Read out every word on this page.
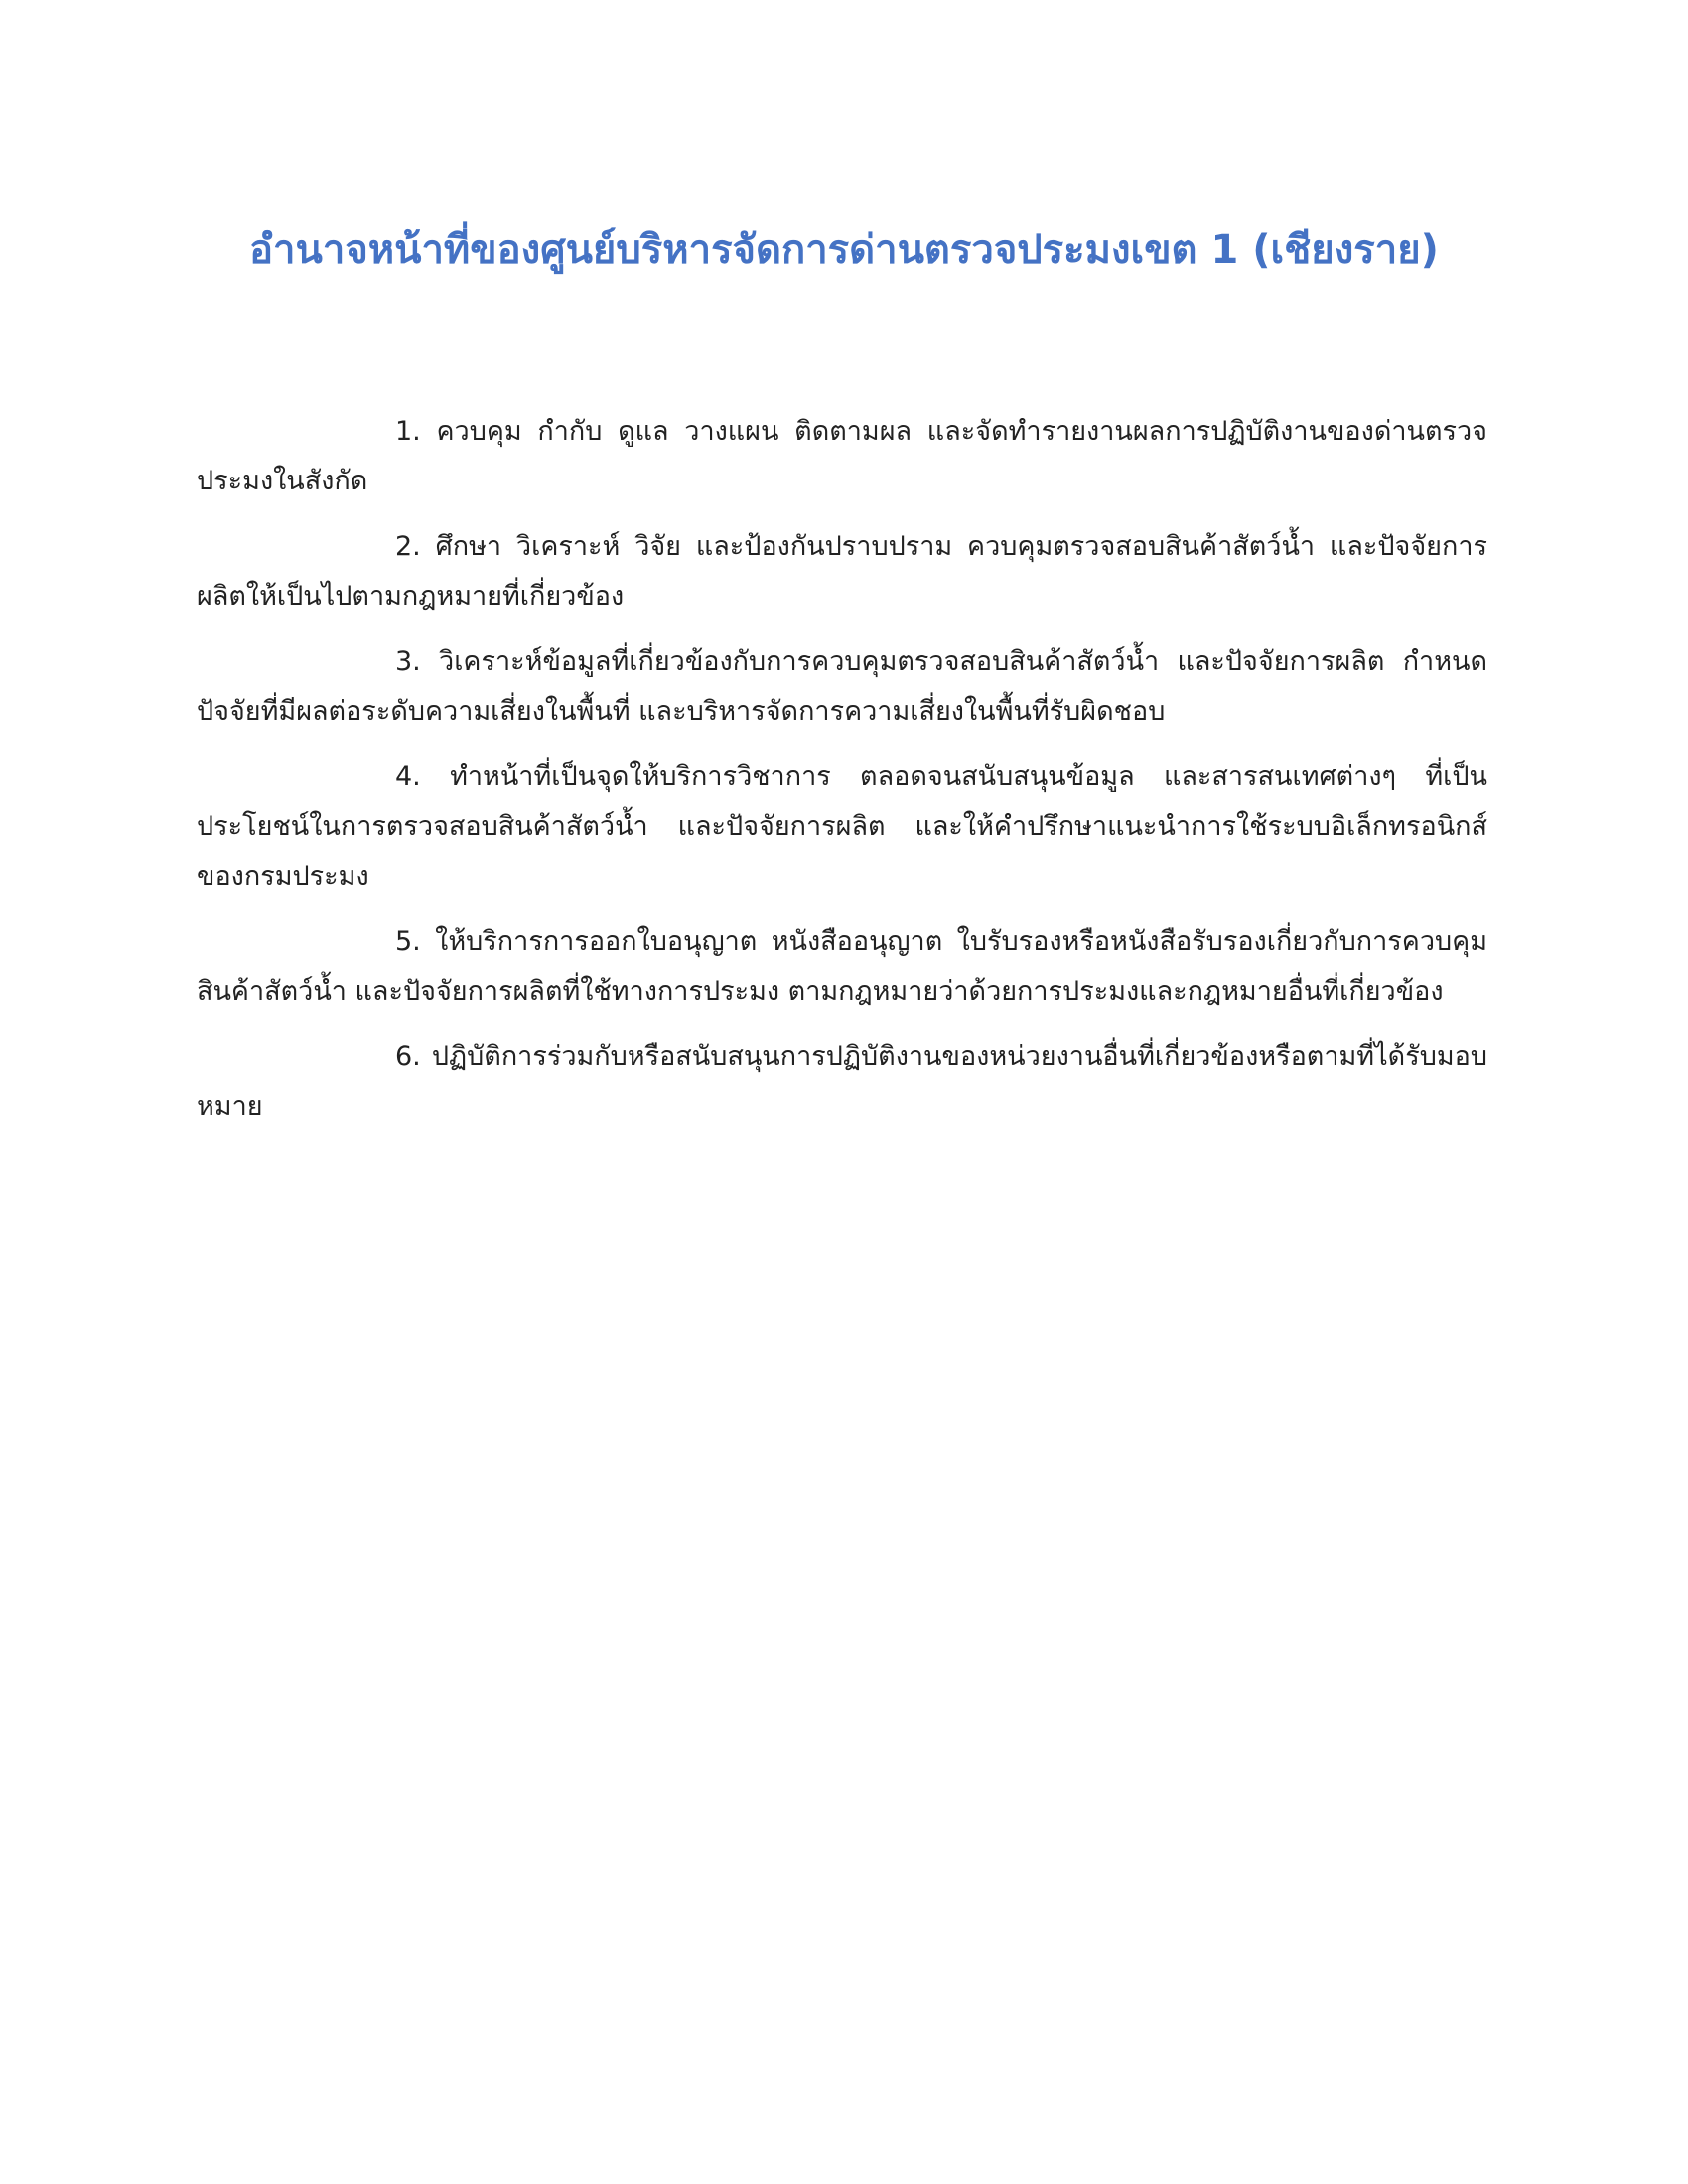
อำนาจหน้าที่ของศูนย์บริหารจัดการด่านตรวจประมงเขต 1 (เชียงราย)

1. ควบคุม กำกับ ดูแล วางแผน ติดตามผล และจัดทำรายงานผลการปฏิบัติงานของด่านตรวจประมงในสังกัด

2. ศึกษา วิเคราะห์ วิจัย และป้องกันปราบปราม ควบคุมตรวจสอบสินค้าสัตว์น้ำ และปัจจัยการผลิตให้เป็นไปตามกฎหมายที่เกี่ยวข้อง

3. วิเคราะห์ข้อมูลที่เกี่ยวข้องกับการควบคุมตรวจสอบสินค้าสัตว์น้ำ และปัจจัยการผลิต กำหนดปัจจัยที่มีผลต่อระดับความเสี่ยงในพื้นที่ และบริหารจัดการความเสี่ยงในพื้นที่รับผิดชอบ

4. ทำหน้าที่เป็นจุดให้บริการวิชาการ ตลอดจนสนับสนุนข้อมูล และสารสนเทศต่างๆ ที่เป็นประโยชน์ในการตรวจสอบสินค้าสัตว์น้ำ และปัจจัยการผลิต และให้คำปรึกษาแนะนำการใช้ระบบอิเล็กทรอนิกส์ของกรมประมง

5. ให้บริการการออกใบอนุญาต หนังสืออนุญาต ใบรับรองหรือหนังสือรับรองเกี่ยวกับการควบคุมสินค้าสัตว์น้ำ และปัจจัยการผลิตที่ใช้ทางการประมง ตามกฎหมายว่าด้วยการประมงและกฎหมายอื่นที่เกี่ยวข้อง

6. ปฏิบัติการร่วมกับหรือสนับสนุนการปฏิบัติงานของหน่วยงานอื่นที่เกี่ยวข้องหรือตามที่ได้รับมอบหมาย
